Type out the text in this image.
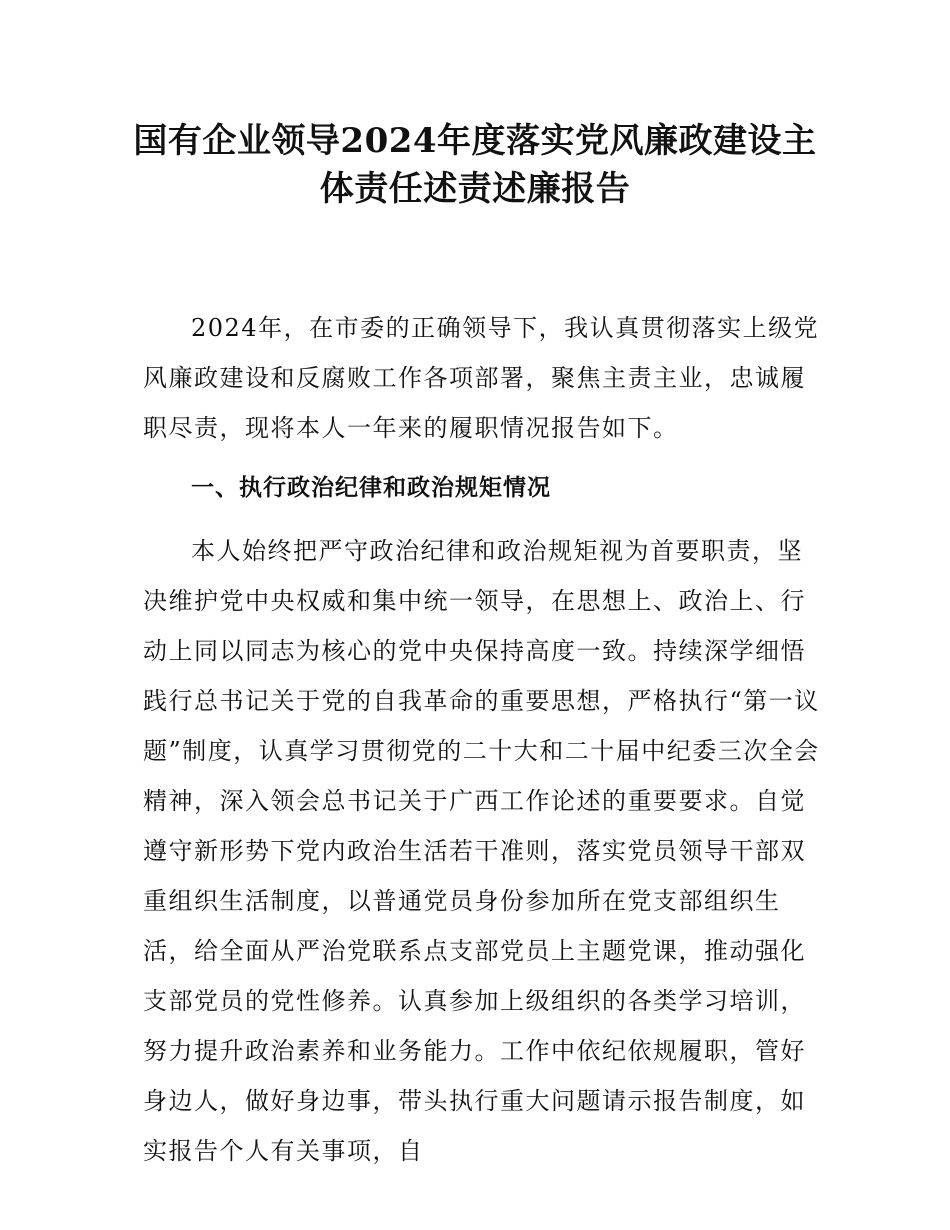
国有企业领导2024年度落实党风廉政建设主
体责任述责述廉报告
2024年，在市委的正确领导下，我认真贯彻落实上级党风廉政建设和反腐败工作各项部署，聚焦主责主业，忠诚履职尽责，现将本人一年来的履职情况报告如下。
一、执行政治纪律和政治规矩情况
本人始终把严守政治纪律和政治规矩视为首要职责，坚决维护党中央权威和集中统一领导，在思想上、政治上、行动上同以同志为核心的党中央保持高度一致。持续深学细悟践行总书记关于党的自我革命的重要思想，严格执行“第一议题”制度，认真学习贯彻党的二十大和二十届中纪委三次全会精神，深入领会总书记关于广西工作论述的重要要求。自觉遵守新形势下党内政治生活若干准则，落实党员领导干部双重组织生活制度，以普通党员身份参加所在党支部组织生活，给全面从严治党联系点支部党员上主题党课，推动强化支部党员的党性修养。认真参加上级组织的各类学习培训，努力提升政治素养和业务能力。工作中依纪依规履职，管好身边人，做好身边事，带头执行重大问题请示报告制度，如实报告个人有关事项，自
